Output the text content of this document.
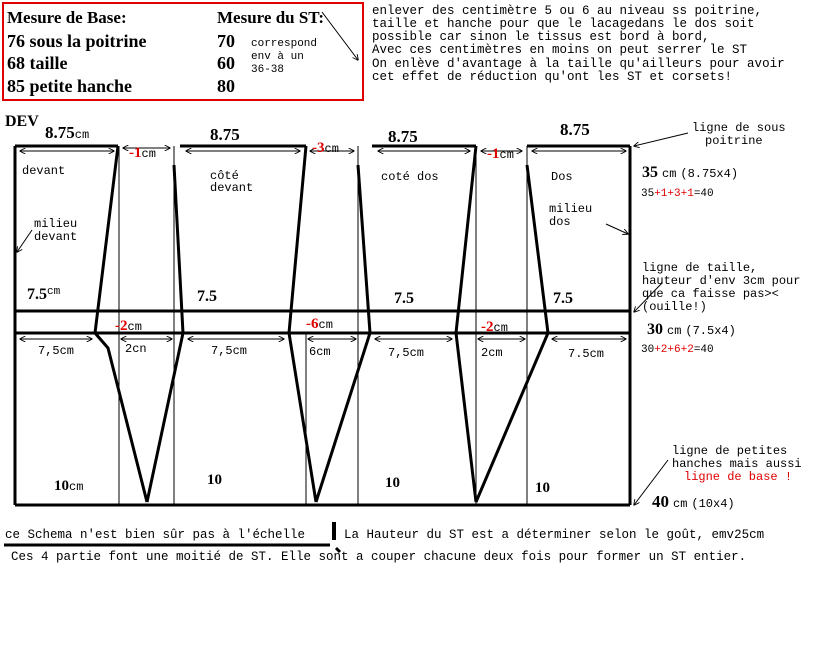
Mesure de Base:	Mesure du ST:
76 sous la poitrine	70
68 taille	60
85 petite hanche	80
correspond
env à un
36-38
enlever des centimètre 5 ou 6 au niveau ss poitrine,
taille et hanche pour que le lacagedans le dos soit
possible car sinon le tissus est bord à bord,
Avec ces centimètres en moins on peut serrer le ST
On enlève d'avantage à la taille qu'ailleurs pour avoir
cet effet de réduction qu'ont les ST et corsets!
DEV
8.75cm	8.75	8.75	8.75
-1cm	-3cm	-1cm
devant	côté
devant
coté dos	Dos
milieu
dos
milieu
devant
$7.5^{cm}$	7.5	7.5	7.5
-2cm	-6cm	-2cm
7,5cm	2cn	7,5cm	6cm	7,5cm	2cm	7.5cm
10cm	10	10	10
ligne de sous
poitrine
35 cm (8.75x4)
35+1+3+1=40
ligne de taille,
hauteur d'env 3cm pour
que ca faisse pas><
(ouille!)
30 cm (7.5x4)
30+2+6+2=40
ligne de petites
hanches mais aussi
ligne de base !
40 cm (10x4)
ce Schema n'est bien sûr pas à l'échelle	La Hauteur du ST est a déterminer selon le goût, emv25cm
Ces 4 partie font une moitié de ST. Elle sont a couper chacune deux fois pour former un ST entier.
